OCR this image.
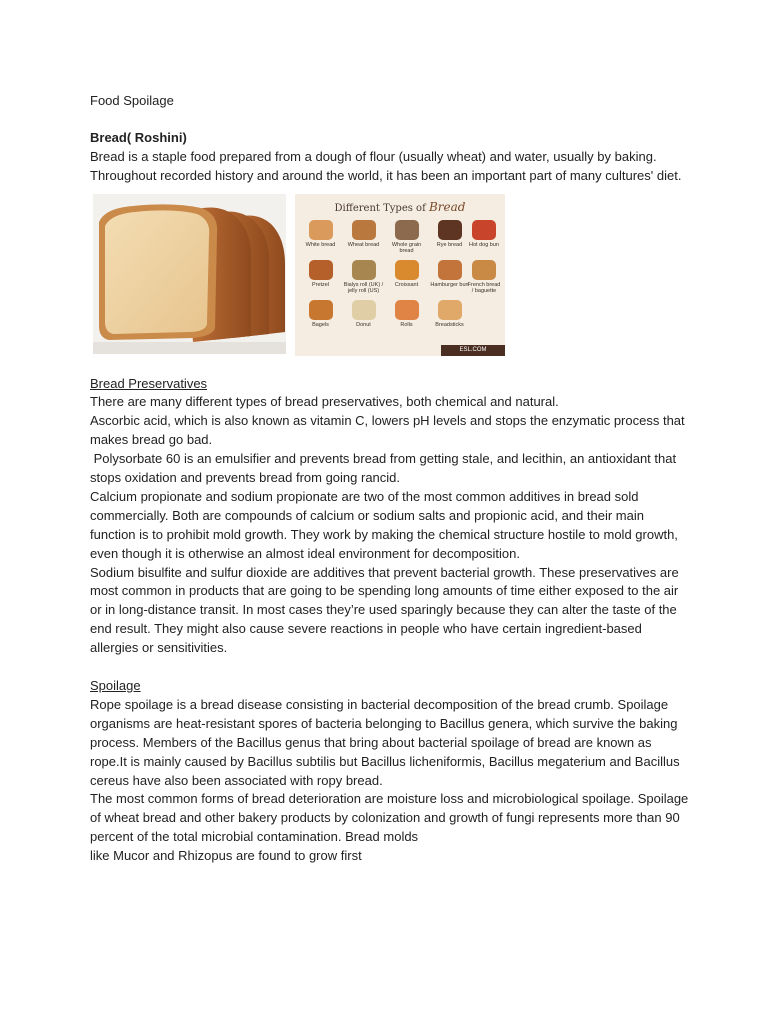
Food Spoilage

Bread( Roshini)

Bread is a staple food prepared from a dough of flour (usually wheat) and water, usually by baking. Throughout recorded history and around the world, it has been an important part of many cultures' diet.

Different Types of Bread
White bread	Wheat bread	Whole grain bread
Rye bread
Pretzel	Bialys roll (UK) / jelly roll (US)
Croissant	Hamburger bun
Bagels	Donut	Rolls	Breadsticks
Hot dog bun
French bread / baguette
ESL.COM

Bread Preservatives

There are many different types of bread preservatives, both chemical and natural.

Ascorbic acid, which is also known as vitamin C, lowers pH levels and stops the enzymatic process that makes bread go bad.

Polysorbate 60 is an emulsifier and prevents bread from getting stale, and lecithin, an antioxidant that stops oxidation and prevents bread from going rancid.

Calcium propionate and sodium propionate are two of the most common additives in bread sold commercially. Both are compounds of calcium or sodium salts and propionic acid, and their main function is to prohibit mold growth. They work by making the chemical structure hostile to mold growth, even though it is otherwise an almost ideal environment for decomposition.

Sodium bisulfite and sulfur dioxide are additives that prevent bacterial growth. These preservatives are most common in products that are going to be spending long amounts of time either exposed to the air or in long-distance transit. In most cases they’re used sparingly because they can alter the taste of the end result. They might also cause severe reactions in people who have certain ingredient-based allergies or sensitivities.

Spoilage

Rope spoilage is a bread disease consisting in bacterial decomposition of the bread crumb. Spoilage organisms are heat-resistant spores of bacteria belonging to Bacillus genera, which survive the baking process. Members of the Bacillus genus that bring about bacterial spoilage of bread are known as rope.It is mainly caused by Bacillus subtilis but Bacillus licheniformis, Bacillus megaterium and Bacillus cereus have also been associated with ropy bread.

The most common forms of bread deterioration are moisture loss and microbiological spoilage. Spoilage of wheat bread and other bakery products by colonization and growth of fungi represents more than 90 percent of the total microbial contamination. Bread molds

like Mucor and Rhizopus are found to grow first
